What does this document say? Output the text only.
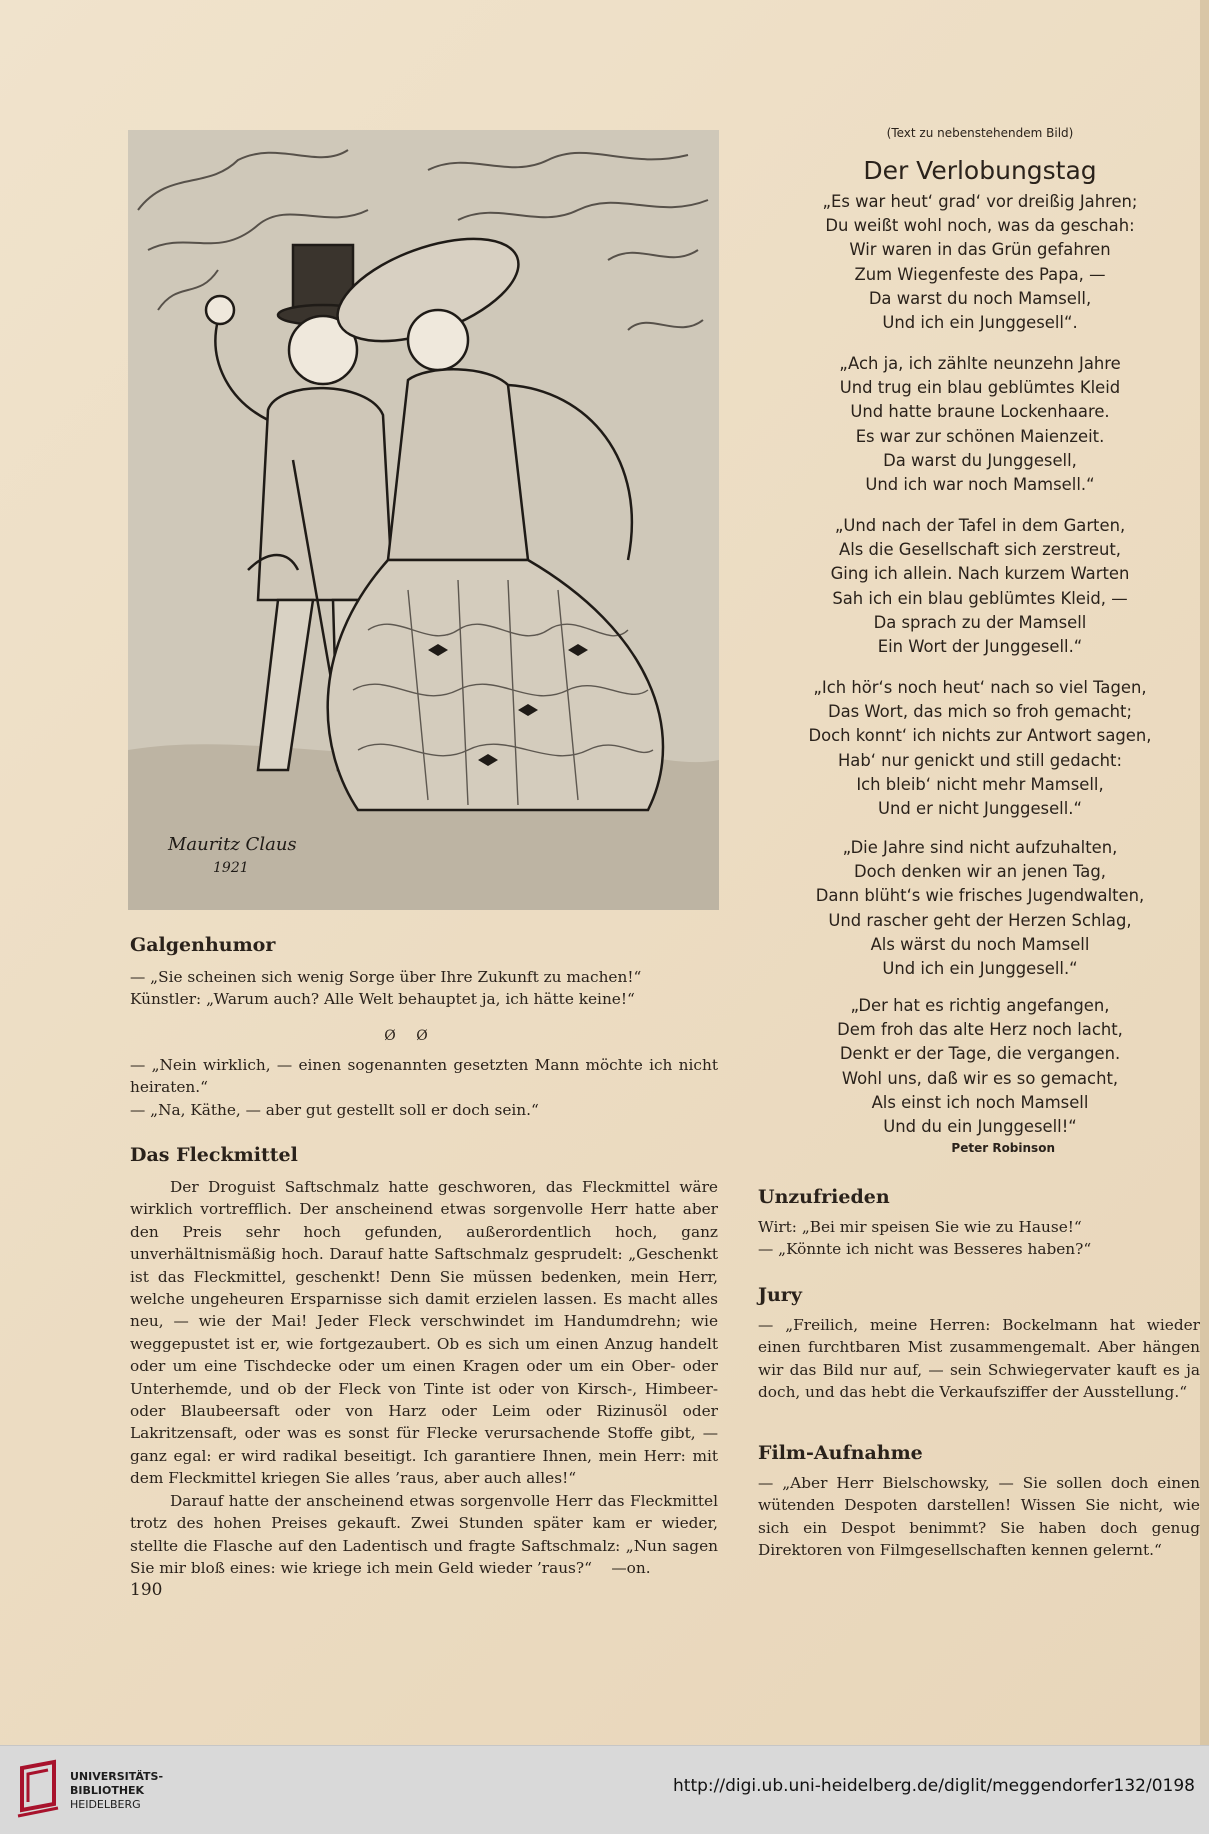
Mauritz Claus
1921
Galgenhumor

— „Sie scheinen sich wenig Sorge über Ihre Zukunft zu machen!“

Künstler: „Warum auch? Alle Welt behauptet ja, ich hätte keine!“

Ø Ø

— „Nein wirklich, — einen sogenannten gesetzten Mann möchte ich nicht heiraten.“

— „Na, Käthe, — aber gut gestellt soll er doch sein.“

Das Fleckmittel

Der Droguist Saftschmalz hatte geschworen, das Fleckmittel wäre wirklich vortrefflich. Der anscheinend etwas sorgenvolle Herr hatte aber den Preis sehr hoch gefunden, außerordentlich hoch, ganz unverhältnismäßig hoch. Darauf hatte Saftschmalz gesprudelt: „Geschenkt ist das Fleckmittel, geschenkt! Denn Sie müssen bedenken, mein Herr, welche ungeheuren Ersparnisse sich damit erzielen lassen. Es macht alles neu, — wie der Mai! Jeder Fleck verschwindet im Handumdrehn; wie weggepustet ist er, wie fortgezaubert. Ob es sich um einen Anzug handelt oder um eine Tischdecke oder um einen Kragen oder um ein Ober- oder Unterhemde, und ob der Fleck von Tinte ist oder von Kirsch-, Himbeer- oder Blaubeersaft oder von Harz oder Leim oder Rizinusöl oder Lakritzensaft, oder was es sonst für Flecke verursachende Stoffe gibt, — ganz egal: er wird radikal beseitigt. Ich garantiere Ihnen, mein Herr: mit dem Fleckmittel kriegen Sie alles ’raus, aber auch alles!“

Darauf hatte der anscheinend etwas sorgenvolle Herr das Fleckmittel trotz des hohen Preises gekauft. Zwei Stunden später kam er wieder, stellte die Flasche auf den Ladentisch und fragte Saftschmalz: „Nun sagen Sie mir bloß eines: wie kriege ich mein Geld wieder ’raus?“ —on.

190
(Text zu nebenstehendem Bild)
Der Verlobungstag
„Es war heut‘ grad‘ vor dreißig Jahren;
Du weißt wohl noch, was da geschah:
Wir waren in das Grün gefahren
Zum Wiegenfeste des Papa, —
Da warst du noch Mamsell,
Und ich ein Junggesell“.
„Ach ja, ich zählte neunzehn Jahre
Und trug ein blau geblümtes Kleid
Und hatte braune Lockenhaare.
Es war zur schönen Maienzeit.
Da warst du Junggesell,
Und ich war noch Mamsell.“
„Und nach der Tafel in dem Garten,
Als die Gesellschaft sich zerstreut,
Ging ich allein. Nach kurzem Warten
Sah ich ein blau geblümtes Kleid, —
Da sprach zu der Mamsell
Ein Wort der Junggesell.“
„Ich hör‘s noch heut‘ nach so viel Tagen,
Das Wort, das mich so froh gemacht;
Doch konnt‘ ich nichts zur Antwort sagen,
Hab‘ nur genickt und still gedacht:
Ich bleib‘ nicht mehr Mamsell,
Und er nicht Junggesell.“
„Die Jahre sind nicht aufzuhalten,
Doch denken wir an jenen Tag,
Dann blüht‘s wie frisches Jugendwalten,
Und rascher geht der Herzen Schlag,
Als wärst du noch Mamsell
Und ich ein Junggesell.“
„Der hat es richtig angefangen,
Dem froh das alte Herz noch lacht,
Denkt er der Tage, die vergangen.
Wohl uns, daß wir es so gemacht,
Als einst ich noch Mamsell
Und du ein Junggesell!“
Peter Robinson
Unzufrieden

Wirt: „Bei mir speisen Sie wie zu Hause!“

— „Könnte ich nicht was Besseres haben?“

Jury

— „Freilich, meine Herren: Bockelmann hat wieder einen furchtbaren Mist zusammengemalt. Aber hängen wir das Bild nur auf, — sein Schwiegervater kauft es ja doch, und das hebt die Verkaufsziffer der Ausstellung.“

Film-Aufnahme

— „Aber Herr Bielschowsky, — Sie sollen doch einen wütenden Despoten darstellen! Wissen Sie nicht, wie sich ein Despot benimmt? Sie haben doch genug Direktoren von Filmgesellschaften kennen gelernt.“

UNIVERSITÄTS-
BIBLIOTHEK
HEIDELBERG
http://digi.ub.uni-heidelberg.de/diglit/meggendorfer132/0198
